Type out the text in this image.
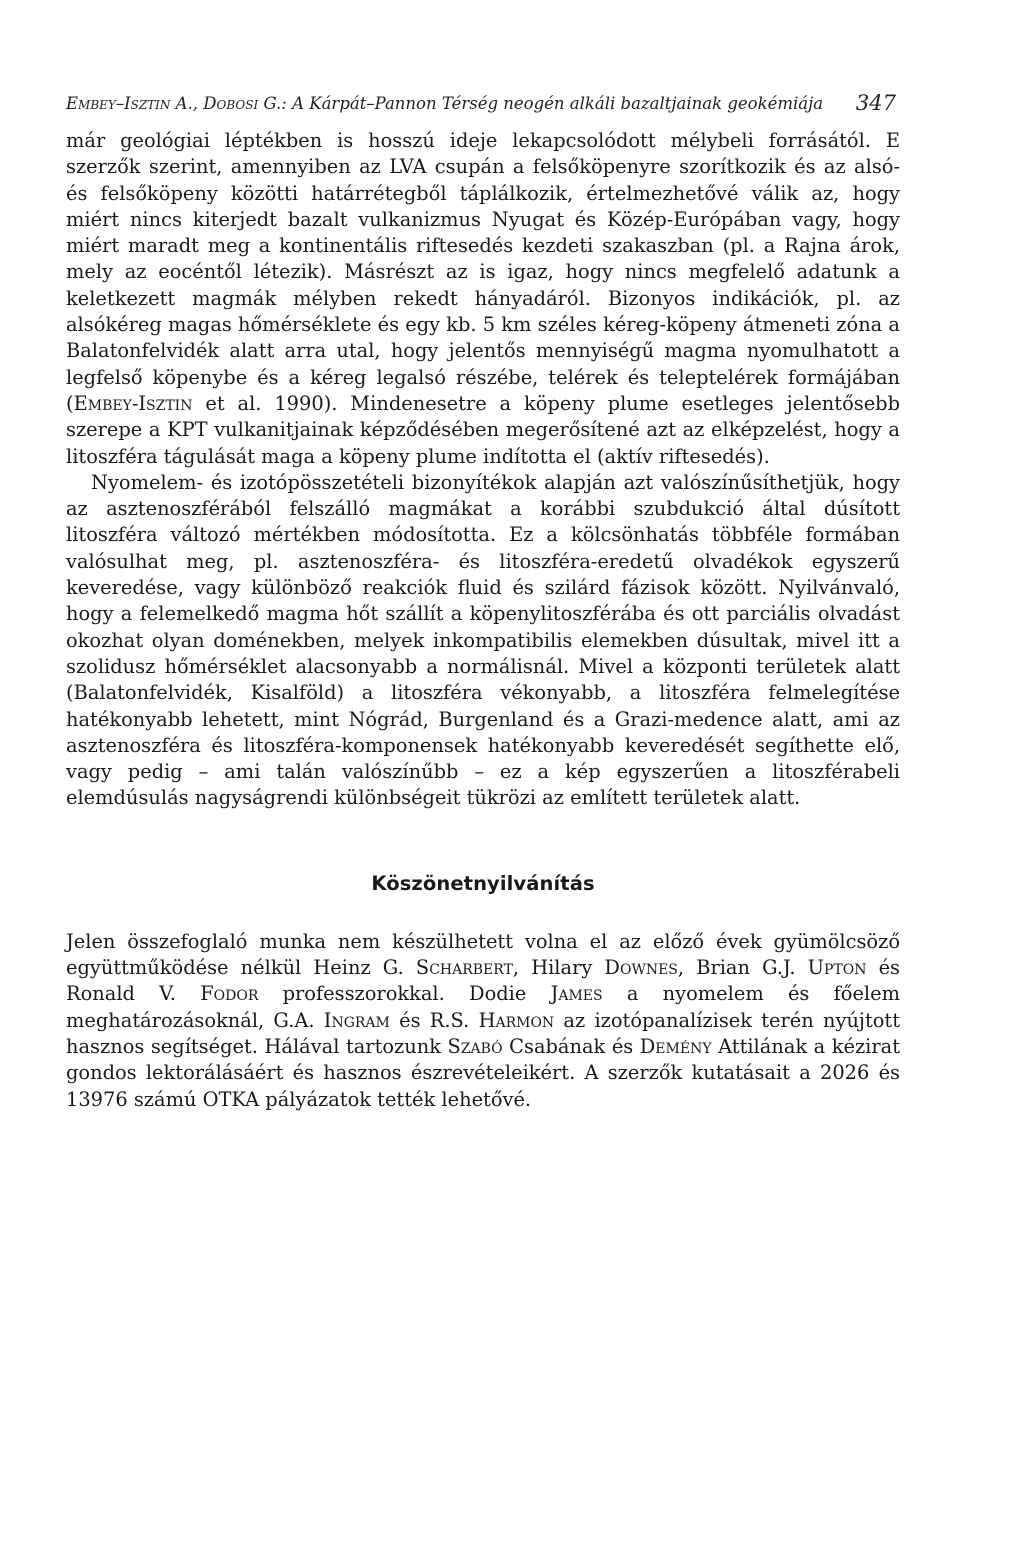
Embey–Isztin A., Dobosi G.: A Kárpát–Pannon Térség neogén alkáli bazaltjainak geokémiája 347

már geológiai léptékben is hosszú ideje lekapcsolódott mélybeli forrásától. E szerzők szerint, amennyiben az LVA csupán a felsőköpenyre szorítkozik és az alsó- és felsőköpeny közötti határrétegből táplálkozik, értelmezhetővé válik az, hogy miért nincs kiterjedt bazalt vulkanizmus Nyugat és Közép-Európában vagy, hogy miért maradt meg a kontinentális riftesedés kezdeti szakaszban (pl. a Rajna árok, mely az eocéntől létezik). Másrészt az is igaz, hogy nincs megfelelő adatunk a keletkezett magmák mélyben rekedt hányadáról. Bizonyos indikációk, pl. az alsókéreg magas hőmérséklete és egy kb. 5 km széles kéreg-köpeny átmeneti zóna a Balatonfelvidék alatt arra utal, hogy jelentős mennyiségű magma nyomulhatott a legfelső köpenybe és a kéreg legalsó részébe, telérek és teleptelérek formájában (Embey-Isztin et al. 1990). Mindenesetre a köpeny plume esetleges jelentősebb szerepe a KPT vulkanitjainak képződésében megerősítené azt az elképzelést, hogy a litoszféra tágulását maga a köpeny plume indította el (aktív riftesedés).

Nyomelem- és izotópösszetételi bizonyítékok alapján azt valószínűsíthetjük, hogy az asztenoszférából felszálló magmákat a korábbi szubdukció által dúsított litoszféra változó mértékben módosította. Ez a kölcsönhatás többféle formában valósulhat meg, pl. asztenoszféra- és litoszféra-eredetű olvadékok egyszerű keveredése, vagy különböző reakciók fluid és szilárd fázisok között. Nyilvánvaló, hogy a felemelkedő magma hőt szállít a köpenylitoszférába és ott parciális olvadást okozhat olyan doménekben, melyek inkompatibilis elemekben dúsultak, mivel itt a szolidusz hőmérséklet alacsonyabb a normálisnál. Mivel a központi területek alatt (Balatonfelvidék, Kisalföld) a litoszféra vékonyabb, a litoszféra felmelegítése hatékonyabb lehetett, mint Nógrád, Burgenland és a Grazi-medence alatt, ami az asztenoszféra és litoszféra-komponensek hatékonyabb keveredését segíthette elő, vagy pedig – ami talán valószínűbb – ez a kép egyszerűen a litoszférabeli elemdúsulás nagyságrendi különbségeit tükrözi az említett területek alatt.

Köszönetnyilvánítás

Jelen összefoglaló munka nem készülhetett volna el az előző évek gyümölcsöző együttműködése nélkül Heinz G. Scharbert, Hilary Downes, Brian G.J. Upton és Ronald V. Fodor professzorokkal. Dodie James a nyomelem és főelem meghatározásoknál, G.A. Ingram és R.S. Harmon az izotópanalízisek terén nyújtott hasznos segítséget. Hálával tartozunk Szabó Csabának és Demény Attilának a kézirat gondos lektorálásáért és hasznos észrevételeikért. A szerzők kutatásait a 2026 és 13976 számú OTKA pályázatok tették lehetővé.
